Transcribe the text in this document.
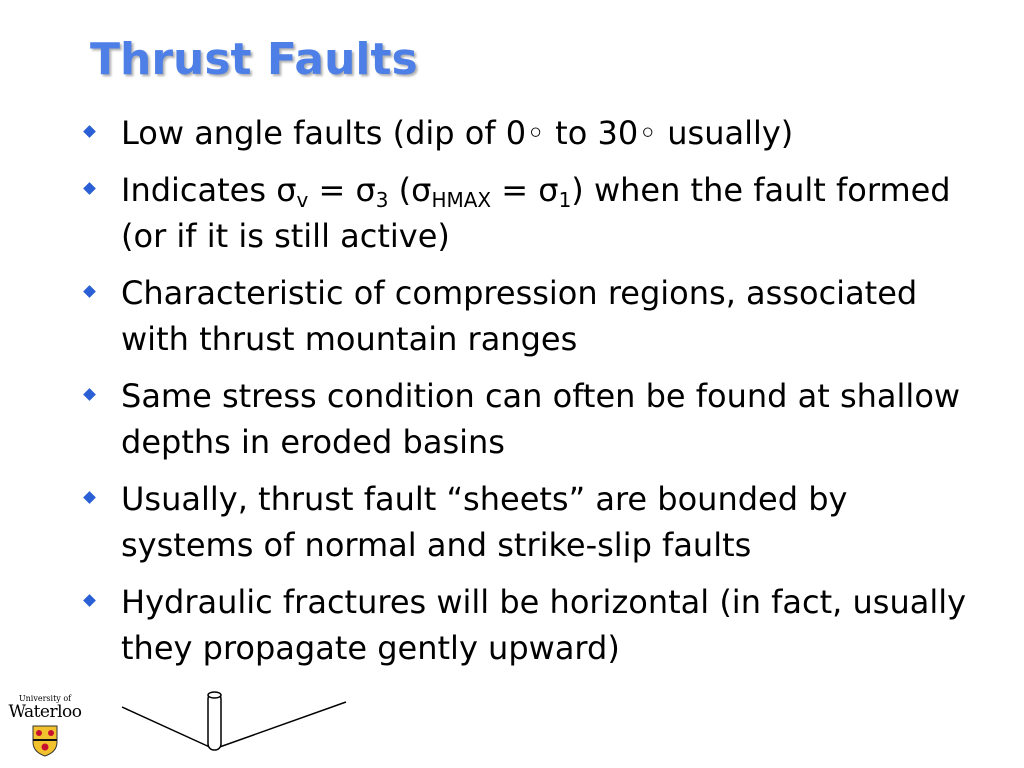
Thrust Faults
Low angle faults (dip of 0◦ to 30◦ usually)
Indicates $\sigma_v = \sigma_3$ $(\sigma_{HMAX} = \sigma_1)$ when the fault formed (or if it is still active)
Characteristic of compression regions, associated with thrust mountain ranges
Same stress condition can often be found at shallow depths in eroded basins
Usually, thrust fault “sheets” are bounded by systems of normal and strike-slip faults
Hydraulic fractures will be horizontal (in fact, usually they propagate gently upward)
University of
Waterloo
